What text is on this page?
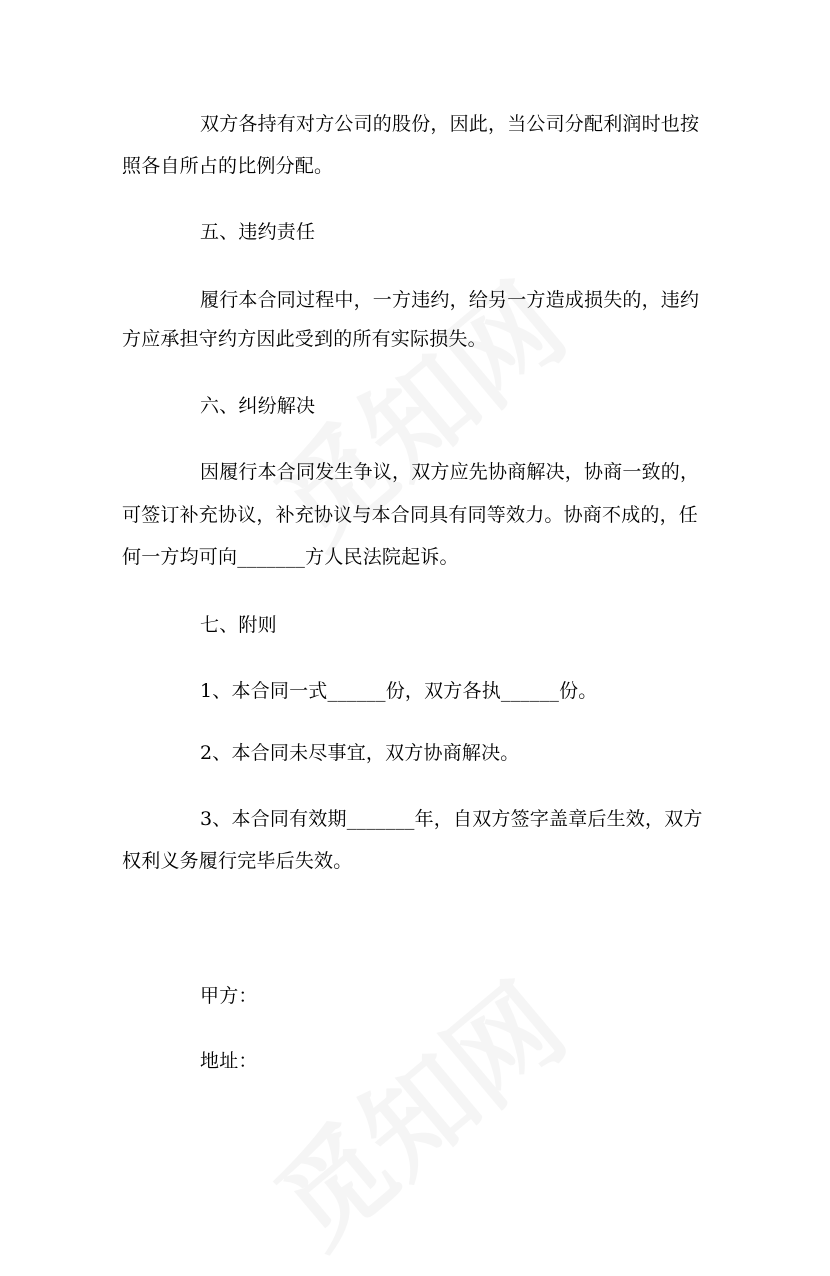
双方各持有对方公司的股份，因此，当公司分配利润时也按
照各自所占的比例分配。
五、违约责任
履行本合同过程中，一方违约，给另一方造成损失的，违约
方应承担守约方因此受到的所有实际损失。
六、纠纷解决
因履行本合同发生争议，双方应先协商解决，协商一致的，
可签订补充协议，补充协议与本合同具有同等效力。协商不成的，任
何一方均可向_______方人民法院起诉。
七、附则
1、本合同一式______份，双方各执______份。
2、本合同未尽事宜，双方协商解决。
3、本合同有效期_______年，自双方签字盖章后生效，双方
权利义务履行完毕后失效。
甲方：
地址：
